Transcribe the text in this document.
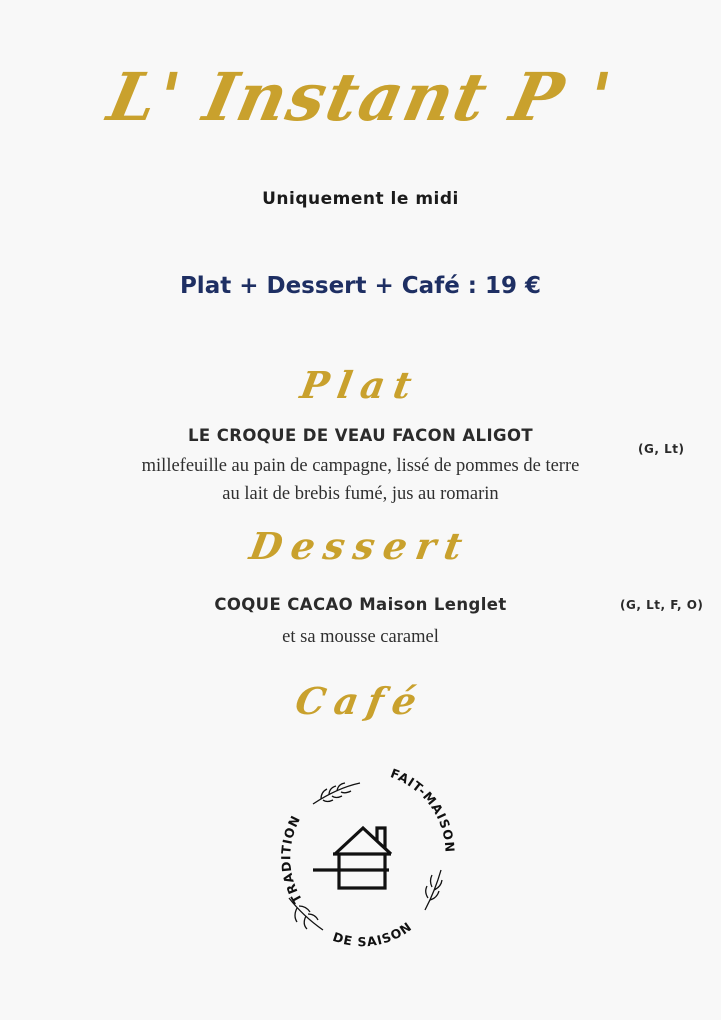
L' Instant P '
Uniquement le midi
Plat + Dessert + Café : 19 €
Plat
LE CROQUE DE VEAU FACON ALIGOT
millefeuille au pain de campagne, lissé de pommes de terre
au lait de brebis fumé, jus au romarin
(G, Lt)
Dessert
COQUE CACAO Maison Lenglet
et sa mousse caramel
(G, Lt, F, O)
Café
FAIT-MAISON
TRADITION
DE SAISON
